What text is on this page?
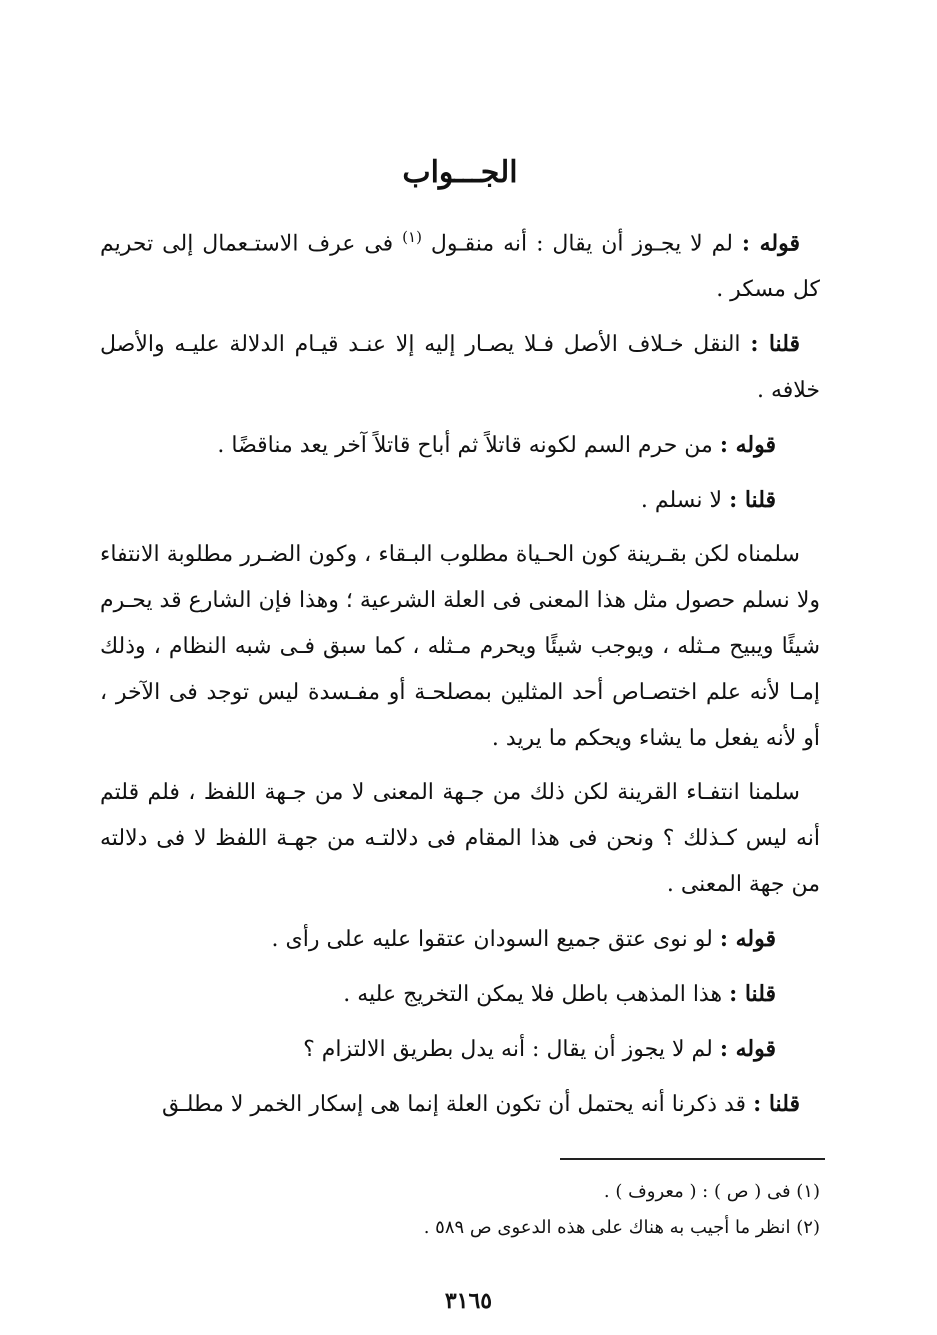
الجـــواب

قوله : لم لا يجـوز أن يقال : أنه منقـول $^{(١)}$ فى عرف الاستـعمال إلى تحريم كل مسكر .

قلنا : النقل خـلاف الأصل فـلا يصـار إليه إلا عنـد قيـام الدلالة عليـه والأصل خلافه .

قوله : من حرم السم لكونه قاتلاً ثم أباح قاتلاً آخر يعد مناقضًا .

قلنا : لا نسلم .

سلمناه لكن بقـرينة كون الحـياة مطلوب البـقاء ، وكون الضـرر مطلوبة الانتفاء ولا نسلم حصول مثل هذا المعنى فى العلة الشرعية ؛ وهذا فإن الشارع قد يحـرم شيئًا ويبيح مـثله ، ويوجب شيئًا ويحرم مـثله ، كما سبق فـى شبه النظام ، وذلك إمـا لأنه علم اختصـاص أحد المثلين بمصلحـة أو مفـسدة ليس توجد فى الآخر ، أو لأنه يفعل ما يشاء ويحكم ما يريد .

سلمنا انتفـاء القرينة لكن ذلك من جـهة المعنى لا من جـهة اللفظ ، فلم قلتم أنه ليس كـذلك ؟ ونحن فى هذا المقام فى دلالتـه من جهـة اللفظ لا فى دلالته من جهة المعنى .

قوله : لو نوى عتق جميع السودان عتقوا عليه على رأى .

قلنا : هذا المذهب باطل فلا يمكن التخريج عليه .

قوله : لم لا يجوز أن يقال : أنه يدل بطريق الالتزام ؟

قلنا : قد ذكرنا أنه يحتمل أن تكون العلة إنما هى إسكار الخمر لا مطلـق

(١) فى ( ص ) : ( معروف ) .

(٢) انظر ما أجيب به هناك على هذه الدعوى ص ٥٨٩ .

٣١٦٥
